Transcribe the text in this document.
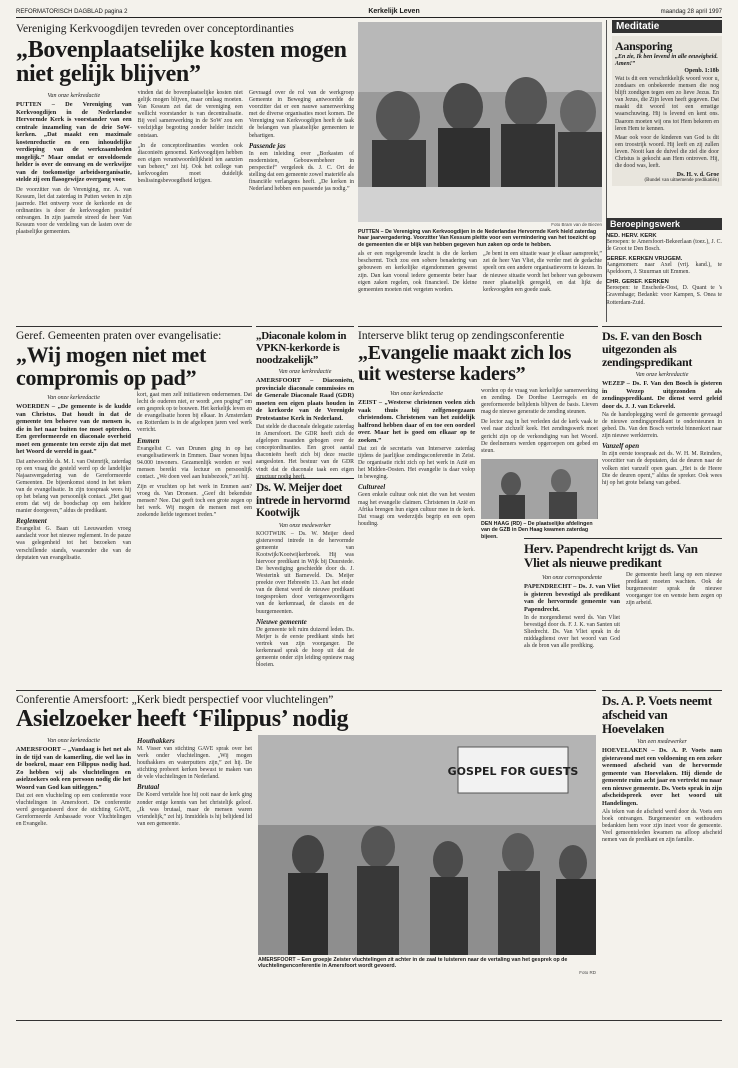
REFORMATORISCH DAGBLAD pagina 2	Kerkelijk Leven	maandag 28 april 1997
Vereniging Kerkvoogdijen tevreden over conceptordinanties
„Bovenplaatselijke kosten mogen niet gelijk blijven”
Van onze kerkredactie
PUTTEN – De Vereniging van Kerkvoogdijen in de Nederlandse Hervormde Kerk is voorstander van een centrale inzameling van de drie SoW-kerken. „Dat maakt een maximale kostenreductie en een inhoudelijke verdieping van de werkzaamheden mogelijk.” Maar omdat er onvoldoende helder is over de omvang en de werkwijze van de toekomstige arbeidsorganisatie, stelde zij een flasogewijze overgang voor.
De voorzitter van de Vereniging, mr. A. van Kessum, liet dat zaterdag in Putten weten in zijn jaarrede. Het ontwerp voor de kerkorde en de ordinanties is door de kerkvoogden positief ontvangen. In zijn jaarrede streed de heer Van Kessum voor de verdeling van de lasten over de plaatselijke gemeenten.
vinden dat de bovenplaatselijke kosten niet gelijk mogen blijven, maar omlaag moeten. Van Kessum zei dat de vereniging een wellicht voorstander is van decentralisatie. Bij veel samenwerking in de SoW zou een veelzijdige begroting zonder helder inzicht ontstaan.
„In de conceptordinanties worden ook diaconieën genoemd. Kerkvoogdijen hebben een eigen verantwoordelijkheid ten aanzien van beheer,” zei hij. Ook het college van kerkvoogden moet duidelijk beslissingsbevoegdheid krijgen.
Gevraagd over de rol van de werkgroep Gemeente in Beweging antwoordde de voorzitter dat er een nauwe samenwerking met de diverse organisaties moet komen. De Vereniging van Kerkvoogdijen heeft de taak de belangen van plaatselijke gemeenten te behartigen.
Passende jas
In een inleiding over „Borkasten of modernisten, Gebouwenbeheer in perspectief” vergeleek ds. J. C. Ort de stelling dat een gemeente zowel materiële als financiële verlangens heeft. „De kerken in Nederland hebben een passende jas nodig.”
Foto Bram van de Biezen
PUTTEN – De Vereniging van Kerkvoogdijen in de Nederlandse Hervormde Kerk hield zaterdag haar jaarvergadering. Voorzitter Van Kessum pleitte voor een vermindering van het toezicht op de gemeenten die er blijk van hebben gegeven hun zaken op orde te hebben.
als er een regelgevende kracht is die de kerken beschermt. Toch zou een sobere benadering van gebouwen en kerkelijke eigendommen gewenst zijn. Dan kan vooral iedere gemeente beter haar eigen zaken regelen, ook financieel. De kleine gemeenten moeten niet vergeten worden.
„Je bent in een situatie waar je elkaar aanspreekt,” zei de heer Van Vliet, die verder met de gedachte speelt om een andere organisatievorm te kiezen. In de nieuwe situatie wordt het beheer van gebouwen meer plaatselijk geregeld, en dat lijkt de kerkvoogden een goede zaak.
Geref. Gemeenten praten over evangelisatie:
„Wij mogen niet met compromis op pad”
Van onze kerkredactie
WOERDEN – „De gemeente is de kudde van Christus. Dat houdt in dat de gemeente ten behoeve van de mensen is, die in het naar buiten toe moet optreden. Een gereformeerde en diaconale overheid moet een gemeente ten eerste zijn dat met het Woord de wereld in gaat.”
Dat antwoordde ds. M. I. van Ostenrijk, zaterdag op een vraag die gesteld werd op de landelijke Najaarsvergadering van de Gereformeerde Gemeenten. De bijeenkomst stond in het teken van de evangelisatie. In zijn toespraak wees hij op het belang van persoonlijk contact. „Het gaat erom dat wij de boodschap op een heldere manier doorgeven,” aldus de predikant.
Reglement
Evangelist G. Baan uit Leeuwarden vroeg aandacht voor het nieuwe reglement. In de pauze was gelegenheid tot het bezoeken van verschillende stands, waaronder die van de deputaten van evangelisatie.
kort, gaat men zelf initiatieven ondernemen. Dat lecht de ouderen niet, er wordt „een poging” om een gesprek op te bouwen. Het kerkelijk leven en de evangelisatie horen bij elkaar. In Amsterdam en Rotterdam is in de afgelopen jaren veel werk verricht.
Emmen
Evangelist C. van Drunen ging in op het evangelisatiewerk in Emmen. Daar wonen bijna 94.000 inwoners. Gezamenlijk worden er veel mensen bereikt via lectuur en persoonlijk contact. „We doen veel aan huisbezoek,” zei hij.
Zijn er vruchten op het werk in Emmen aan? vroeg ds. Van Dronsen. „Geef dit bekendste mensen? Nee. Dat geeft toch een grote zegen op het werk. Wij mogen de mensen met een zoekende liefde tegemoet treden.”
„Diaconale kolom in VPKN-kerkorde is noodzakelijk”
Van onze kerkredactie
AMERSFOORT – Diaconieën, provinciale diaconale commissies en de Generale Diaconale Raad (GDR) moeten een eigen plaats houden in de kerkorde van de Verenigde Protestantse Kerk in Nederland.
Dat stelde de diaconale delegatie zaterdag in Amersfoort. De GDR heeft zich de afgelopen maanden gebogen over de conceptordinanties. Een groot aantal diaconieën heeft zich bij deze reactie aangesloten. Het bestuur van de GDR vindt dat de diaconale taak een eigen structuur nodig heeft.
Ds. W. Meijer doet intrede in hervormd Kootwijk
Van onze medewerker
KOOTWIJK – Ds. W. Meijer deed gisteravond intrede in de hervormde gemeente van Kootwijk/Kootwijkerbroek. Hij was hiervoor predikant in Wijk bij Duurstede. De bevestiging geschiedde door ds. J. Westerink uit Barneveld. Ds. Meijer preekte over Hebreeën 13. Aan het einde van de dienst werd de nieuwe predikant toegesproken door vertegenwoordigers van de kerkenraad, de classis en de buurgemeenten.
Nieuwe gemeente
De gemeente telt ruim duizend leden. Ds. Meijer is de eerste predikant sinds het vertrek van zijn voorganger. De kerkenraad sprak de hoop uit dat de gemeente onder zijn leiding opnieuw mag bloeien.
Interserve blikt terug op zendingsconferentie
„Evangelie maakt zich los uit westerse kaders”
Van onze kerkredactie
ZEIST – „Westerse christenen voelen zich vaak thuis bij zelfgenoegzaam christendom. Christenen van het zuidelijk halfrond hebben daar of en toe een oordeel over. Maar het is goed om elkaar op te zoeken.”
Dat zei de secretaris van Interserve zaterdag tijdens de jaarlijkse zendingsconferentie in Zeist. De organisatie richt zich op het werk in Azië en het Midden-Oosten. Het evangelie is daar volop in beweging.
Cultureel
Geen enkele cultuur ook niet die van het westen mag het evangelie claimen. Christenen in Azië en Afrika brengen hun eigen cultuur mee in de kerk. Dat vraagt om wederzijds begrip en een open houding.
worden op de vraag van kerkelijke samenwerking en zending. De Dordtse Leerregels en de gereformeerde belijdenis blijven de basis. Lieven mag de nieuwe generatie de zending steunen.
De lector zag in het verleden dat de kerk vaak te veel naar zichzelf keek. Het zendingswerk moet gericht zijn op de verkondiging van het Woord. De deelnemers werden opgeroepen om gebed en steun.
DEN HAAG (RD) – De plaatselijke afdelingen van de GZB in Den Haag kwamen zaterdag bijeen.
Ds. F. van den Bosch uitgezonden als zendingspredikant
Van onze kerkredactie
WEZEP – Ds. F. Van den Bosch is gisteren in Wezep uitgezonden als zendingspredikant. De dienst werd geleid door ds. J. J. van Eckeveld.
Na de handoplegging werd de gemeente gevraagd de nieuwe zendingspredikant te ondersteunen in gebed. Ds. Van den Bosch vertrekt binnenkort naar zijn nieuwe werkterrein.
Vanzelf open
In zijn eerste toespraak zei ds. W. H. M. Reinders, voorzitter van de deputaten, dat de deuren naar de volken niet vanzelf open gaan. „Het is de Heere Die de deuren opent,” aldus de spreker. Ook wees hij op het grote belang van gebed.
Herv. Papendrecht krijgt ds. Van Vliet als nieuwe predikant
Van onze correspondente
PAPENDRECHT – Ds. J. van Vliet is gisteren bevestigd als predikant van de hervormde gemeente van Papendrecht.
In de morgendienst werd ds. Van Vliet bevestigd door ds. F. J. K. van Santen uit Sliedrecht. Ds. Van Vliet sprak in de middagdienst over het woord van God als de bron van alle prediking.
De gemeente heeft lang op een nieuwe predikant moeten wachten. Ook de burgemeester sprak de nieuwe voorganger toe en wenste hem zegen op zijn arbeid.
Meditatie
Aansporing
„En zie, Ik ben levend in alle eeuwigheid. Amen!”
Openb. 1:18b
Wat is dit een verschrikkelijk woord voor u, zondaars en onbekeerde mensen die nog blijft zondigen tegen een zo lieve Jezus. En van Jezus, die Zijn leven heeft gegeven. Dat maakt dit woord tot een ernstige waarschuwing. Hij is levend en kent ons. Daarom moeten wij ons tot Hem bekeren en leren Hem te kennen.
Maar ook voor de kinderen van God is dit een troostrijk woord. Hij leeft en zij zullen leven. Nooit kan de duivel die ziel die door Christus is gekocht aan Hem ontroven. Hij, die dood was, leeft.
Ds. H. v. d. Groe
(Bundel van uitnemende predikatiën)
Beroepingswerk
NED. HERV. KERK
Beroepen: te Amersfoort-Bekeerlaan (toez.), J. C. de Groot te Den Bosch.
GEREF. KERKEN VRIJGEM.
Aangenomen: naar Axel (vrij. kand.), te Apeldoorn, J. Stuurman uit Emmen.
CHR. GEREF. KERKEN
Beroepen: te Enschede-Oost, D. Quant te 's Gravenhage; Bedankt: voor Kampen, S. Onea te Rotterdam-Zuid.
Conferentie Amersfoort: „Kerk biedt perspectief voor vluchtelingen”
Asielzoeker heeft ‘Filippus’ nodig
Van onze kerkredactie
AMERSFOORT – „Vandaag is het net als in de tijd van de kamerling, die wel las in de boekrol, maar een Filippus nodig had. Zo hebben wij als vluchtelingen en asielzoekers ook een persoon nodig die het Woord van God kan uitleggen.”
Dat zei een vluchteling op een conferentie voor vluchtelingen in Amersfoort. De conferentie werd georganiseerd door de stichting GAVE, Gereformeerde Ambassade voor Vluchtelingen en Evangelie.
Houthakkers
M. Visser van stichting GAVE sprak over het werk onder vluchtelingen. „Wij mogen houthakkers en waterputters zijn,” zei hij. De stichting probeert kerken bewust te maken van de vele vluchtelingen in Nederland.
Brutaal
De Koerd vertelde hoe hij ooit naar de kerk ging zonder enige kennis van het christelijk geloof. „Ik was brutaal, maar de mensen waren vriendelijk,” zei hij. Inmiddels is hij belijdend lid van een gemeente.
GOSPEL FOR GUESTS
AMERSFOORT – Een groepje Zeister vluchtelingen zit achter in de zaal te luisteren naar de vertaling van het gesprek op de vluchtelingenconferentie in Amersfoort wordt gevoerd.
Foto RD
Ds. A. P. Voets neemt afscheid van Hoevelaken
Van een medewerker
HOEVELAKEN – Ds. A. P. Voets nam gisteravond met een voldoening en een zeker weemoed afscheid van de hervormde gemeente van Hoevelaken. Hij diende de gemeente ruim acht jaar en vertrekt nu naar een nieuwe gemeente. Ds. Voets sprak in zijn afscheidspreek over het woord uit Handelingen.
Als teken van de afscheid werd door ds. Voets een boek ontvangen. Burgemeester en wethouders bedankten hem voor zijn inzet voor de gemeente. Veel gemeenteleden kwamen na afloop afscheid nemen van de predikant en zijn familie.
